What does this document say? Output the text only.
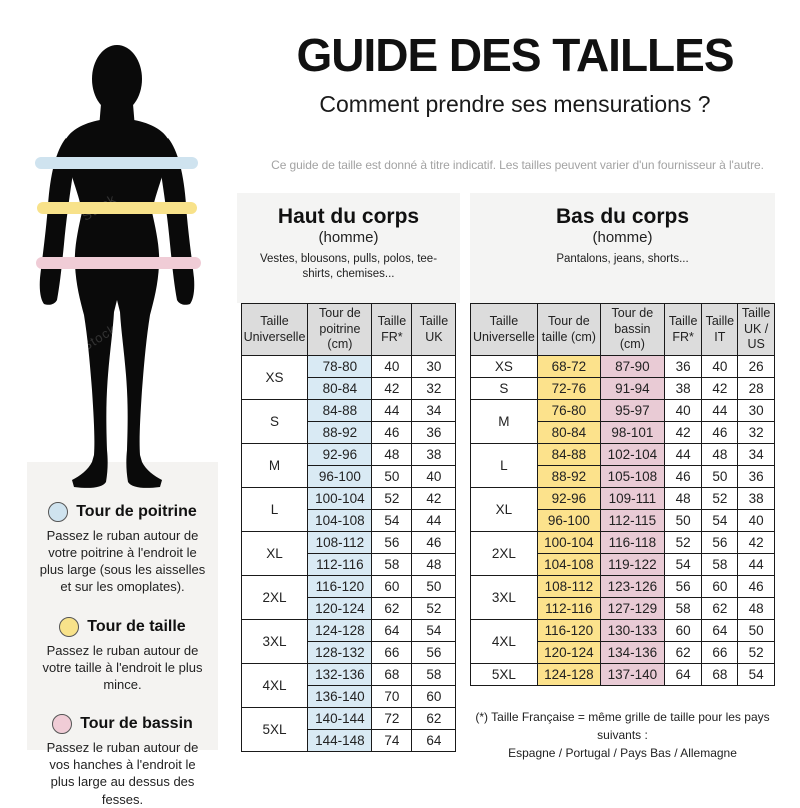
Tour de poitrine
Passez le ruban autour de votre poitrine à l'endroit le plus large (sous les aisselles et sur les omoplates).
Tour de taille
Passez le ruban autour de votre taille à l'endroit le plus mince.
Tour de bassin
Passez le ruban autour de vos hanches à l'endroit le plus large au dessus des fesses.
Stock
Stock
GUIDE DES TAILLES
Comment prendre ses mensurations ?
Ce guide de taille est donné à titre indicatif. Les tailles peuvent varier d'un fournisseur à l'autre.
Haut du corps
(homme)
Vestes, blousons, pulls, polos, tee-shirts, chemises...
Taille Universelle	Tour de poitrine (cm)	Taille FR*	Taille UK
XS	78-80	40	30
	80-84	42	32
S	84-88	44	34
	88-92	46	36
M	92-96	48	38
	96-100	50	40
L	100-104	52	42
	104-108	54	44
XL	108-112	56	46
	112-116	58	48
2XL	116-120	60	50
	120-124	62	52
3XL	124-128	64	54
	128-132	66	56
4XL	132-136	68	58
	136-140	70	60
5XL	140-144	72	62
	144-148	74	64
Bas du corps
(homme)
Pantalons, jeans, shorts...
Taille Universelle	Tour de taille (cm)	Tour de bassin (cm)	Taille FR*	Taille IT	Taille UK / US
XS	68-72	87-90	36	40	26
S	72-76	91-94	38	42	28
M	76-80	95-97	40	44	30
	80-84	98-101	42	46	32
L	84-88	102-104	44	48	34
	88-92	105-108	46	50	36
XL	92-96	109-111	48	52	38
	96-100	112-115	50	54	40
2XL	100-104	116-118	52	56	42
	104-108	119-122	54	58	44
3XL	108-112	123-126	56	60	46
	112-116	127-129	58	62	48
4XL	116-120	130-133	60	64	50
	120-124	134-136	62	66	52
5XL	124-128	137-140	64	68	54
(*) Taille Française = même grille de taille pour les pays suivants :
Espagne / Portugal / Pays Bas / Allemagne
